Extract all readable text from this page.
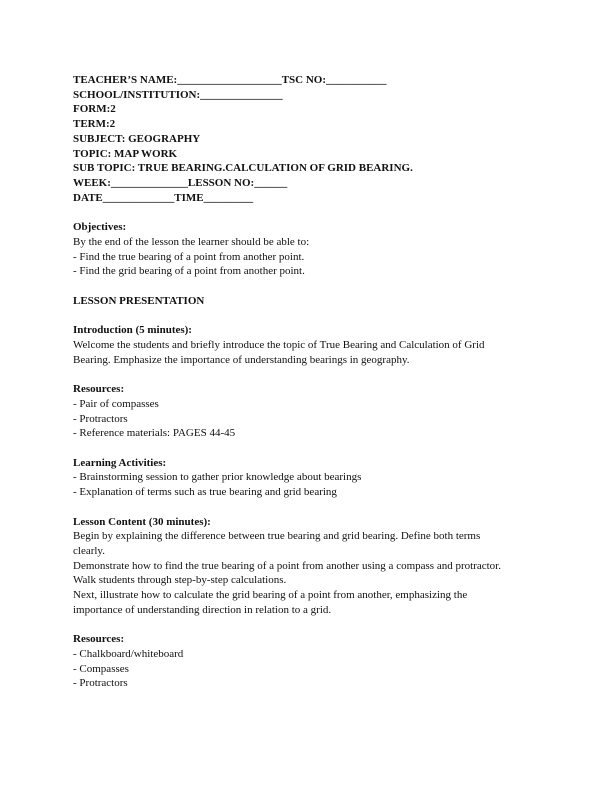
TEACHER’S NAME:___________________TSC NO:___________
SCHOOL/INSTITUTION:_______________
FORM:2
TERM:2
SUBJECT: GEOGRAPHY
TOPIC: MAP WORK
SUB TOPIC: TRUE BEARING.CALCULATION OF GRID BEARING.
WEEK:______________LESSON NO:______
DATE_____________TIME_________
Objectives:
By the end of the lesson the learner should be able to:
- Find the true bearing of a point from another point.
- Find the grid bearing of a point from another point.
LESSON PRESENTATION
Introduction (5 minutes):
Welcome the students and briefly introduce the topic of True Bearing and Calculation of Grid
Bearing. Emphasize the importance of understanding bearings in geography.
Resources:
- Pair of compasses
- Protractors
- Reference materials: PAGES 44-45
Learning Activities:
- Brainstorming session to gather prior knowledge about bearings
- Explanation of terms such as true bearing and grid bearing
Lesson Content (30 minutes):
Begin by explaining the difference between true bearing and grid bearing. Define both terms
clearly.
Demonstrate how to find the true bearing of a point from another using a compass and protractor.
Walk students through step-by-step calculations.
Next, illustrate how to calculate the grid bearing of a point from another, emphasizing the
importance of understanding direction in relation to a grid.
Resources:
- Chalkboard/whiteboard
- Compasses
- Protractors
